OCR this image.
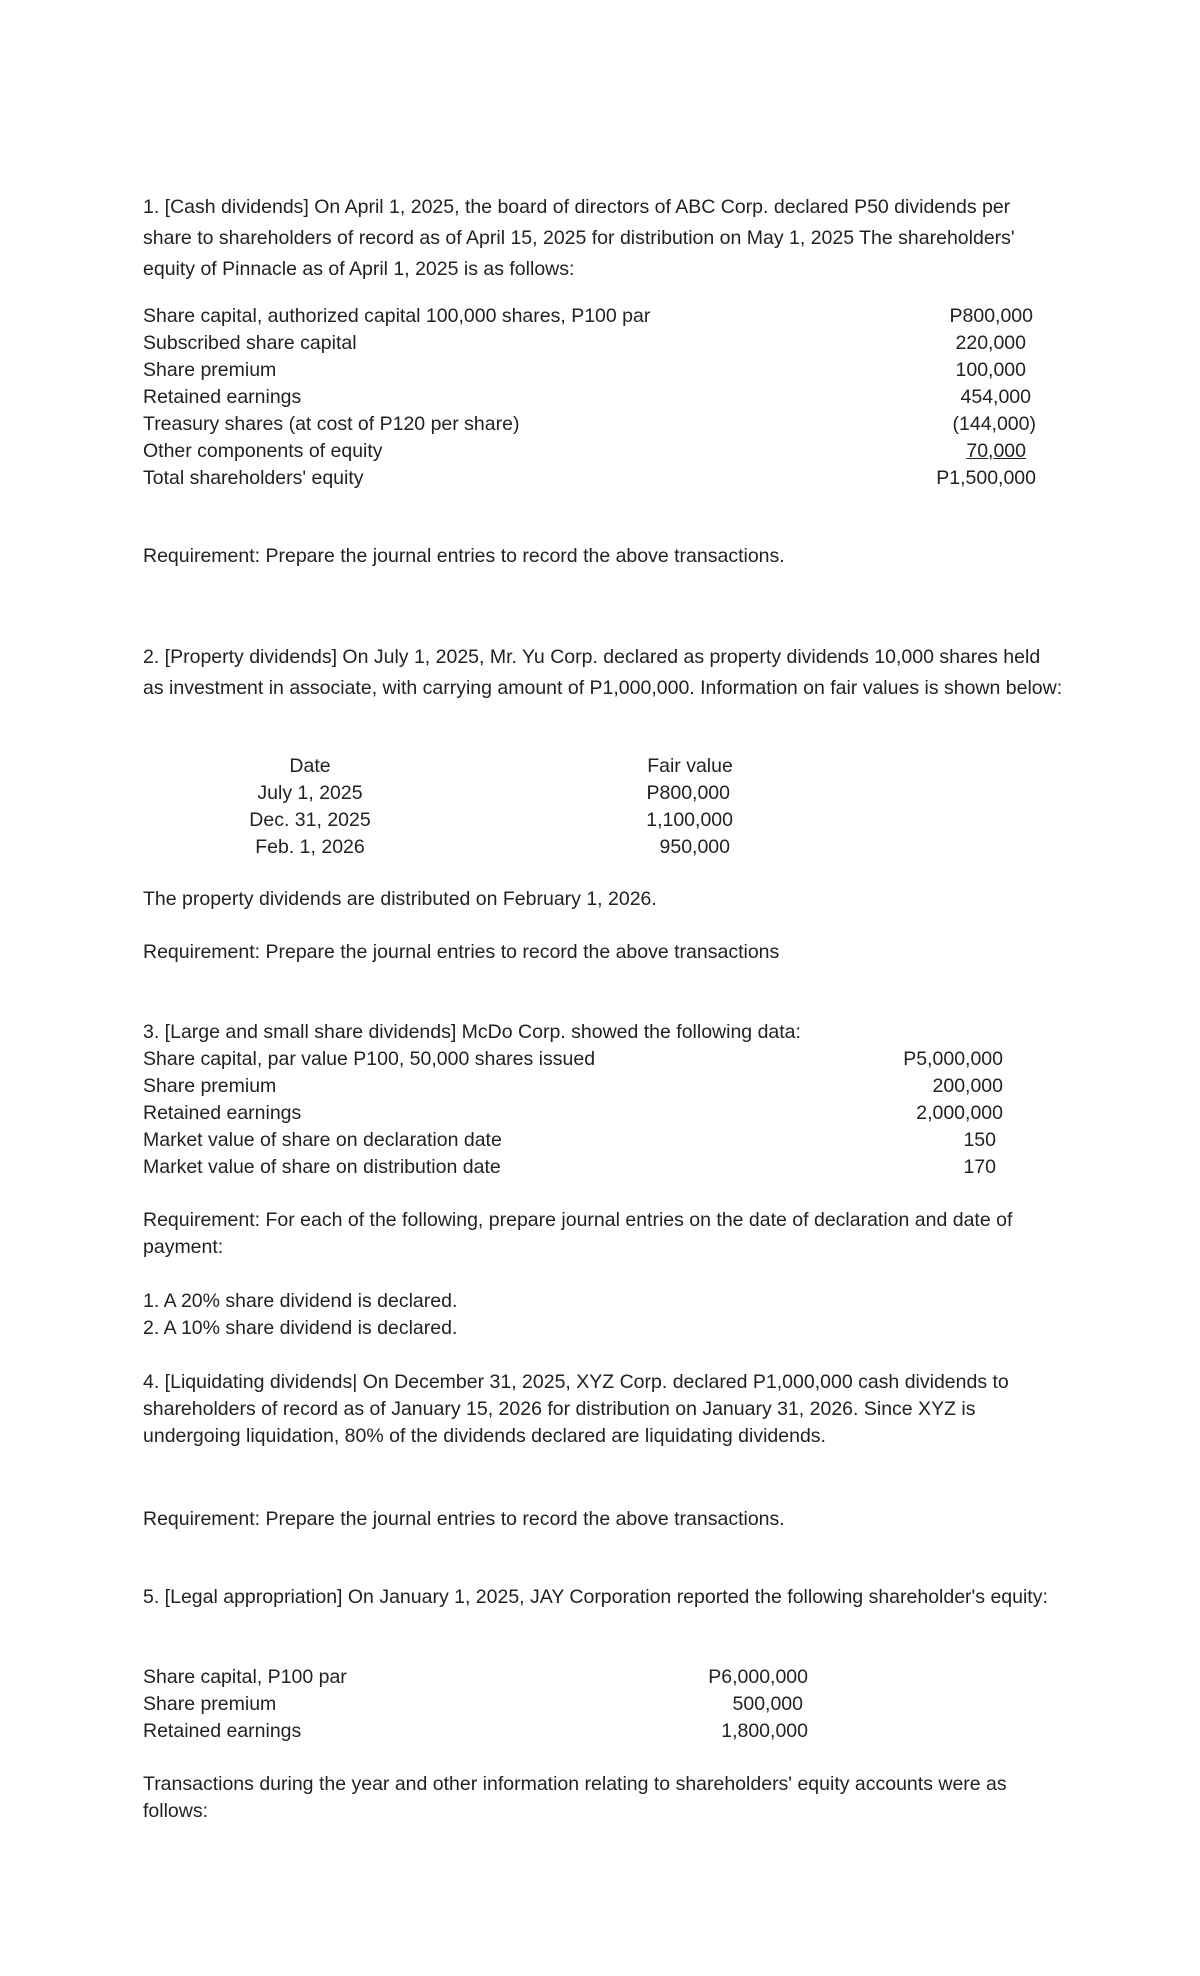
1. [Cash dividends] On April 1, 2025, the board of directors of ABC Corp. declared P50 dividends per share to shareholders of record as of April 15, 2025 for distribution on May 1, 2025 The shareholders' equity of Pinnacle as of April 1, 2025 is as follows:

Share capital, authorized capital 100,000 shares, P100 par	P800,000
Subscribed share capital	220,000
Share premium	100,000
Retained earnings	454,000
Treasury shares (at cost of P120 per share)	(144,000)
Other components of equity	70,000
Total shareholders' equity	P1,500,000

Requirement: Prepare the journal entries to record the above transactions.

2. [Property dividends] On July 1, 2025, Mr. Yu Corp. declared as property dividends 10,000 shares held as investment in associate, with carrying amount of P1,000,000. Information on fair values is shown below:

Date	Fair value
July 1, 2025	P800,000
Dec. 31, 2025	1,100,000
Feb. 1, 2026	950,000

The property dividends are distributed on February 1, 2026.

Requirement: Prepare the journal entries to record the above transactions

3. [Large and small share dividends] McDo Corp. showed the following data:
Share capital, par value P100, 50,000 shares issued	P5,000,000
Share premium	200,000
Retained earnings	2,000,000
Market value of share on declaration date	150
Market value of share on distribution date	170

Requirement: For each of the following, prepare journal entries on the date of declaration and date of payment:

1. A 20% share dividend is declared.
2. A 10% share dividend is declared.

4. [Liquidating dividends| On December 31, 2025, XYZ Corp. declared P1,000,000 cash dividends to shareholders of record as of January 15, 2026 for distribution on January 31, 2026. Since XYZ is undergoing liquidation, 80% of the dividends declared are liquidating dividends.

Requirement: Prepare the journal entries to record the above transactions.

5. [Legal appropriation] On January 1, 2025, JAY Corporation reported the following shareholder's equity:

Share capital, P100 par	P6,000,000
Share premium	500,000
Retained earnings	1,800,000

Transactions during the year and other information relating to shareholders' equity accounts were as follows:
